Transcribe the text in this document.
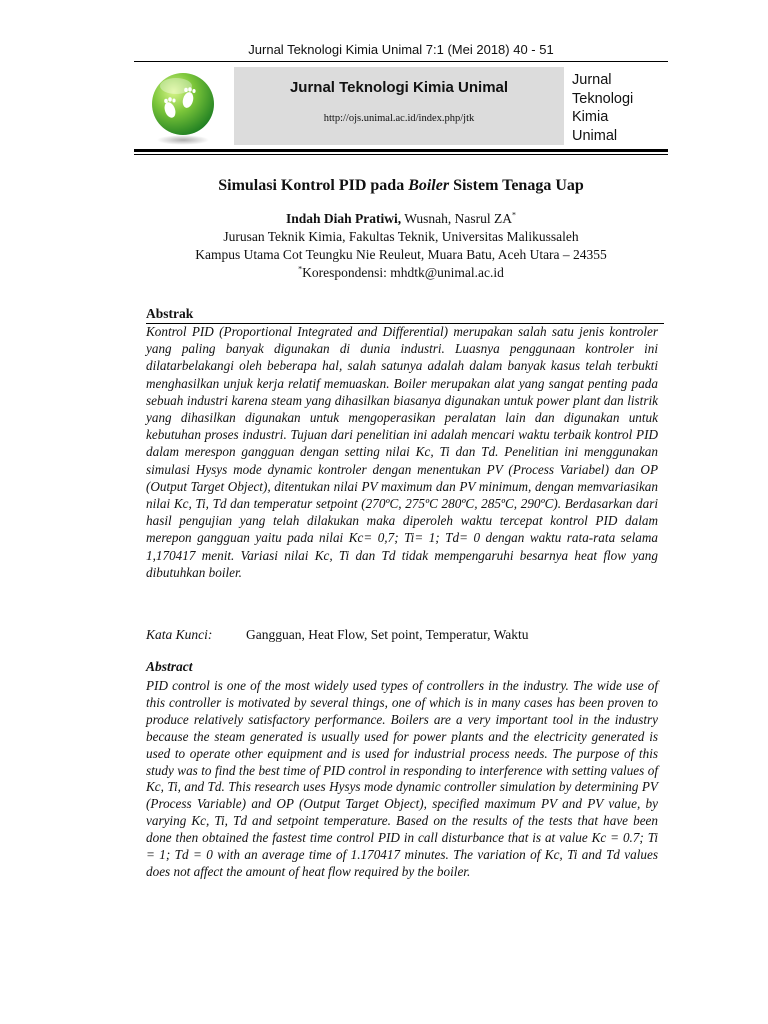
Jurnal Teknologi Kimia Unimal 7:1 (Mei 2018) 40 - 51
Jurnal Teknologi Kimia Unimal
http://ojs.unimal.ac.id/index.php/jtk
Jurnal
Teknologi
Kimia
Unimal
Simulasi Kontrol PID pada Boiler Sistem Tenaga Uap
Indah Diah Pratiwi, Wusnah, Nasrul ZA*
Jurusan Teknik Kimia, Fakultas Teknik, Universitas Malikussaleh
Kampus Utama Cot Teungku Nie Reuleut, Muara Batu, Aceh Utara – 24355
*Korespondensi: mhdtk@unimal.ac.id
Abstrak
Kontrol PID (Proportional Integrated and Differential) merupakan salah satu jenis kontroler yang paling banyak digunakan di dunia industri. Luasnya penggunaan kontroler ini dilatarbelakangi oleh beberapa hal, salah satunya adalah dalam banyak kasus telah terbukti menghasilkan unjuk kerja relatif memuaskan. Boiler merupakan alat yang sangat penting pada sebuah industri karena steam yang dihasilkan biasanya digunakan untuk power plant dan listrik yang dihasilkan digunakan untuk mengoperasikan peralatan lain dan digunakan untuk kebutuhan proses industri. Tujuan dari penelitian ini adalah mencari waktu terbaik kontrol PID dalam merespon gangguan dengan setting nilai Kc, Ti dan Td. Penelitian ini menggunakan simulasi Hysys mode dynamic kontroler dengan menentukan PV (Process Variabel) dan OP (Output Target Object), ditentukan nilai PV maximum dan PV minimum, dengan memvariasikan nilai Kc, Ti, Td dan temperatur setpoint (270ºC, 275ºC 280ºC, 285ºC, 290ºC). Berdasarkan dari hasil pengujian yang telah dilakukan maka diperoleh waktu tercepat kontrol PID dalam merepon gangguan yaitu pada nilai Kc= 0,7; Ti= 1; Td= 0 dengan waktu rata-rata selama 1,170417 menit. Variasi nilai Kc, Ti dan Td tidak mempengaruhi besarnya heat flow yang dibutuhkan boiler.
Kata Kunci: Gangguan, Heat Flow, Set point, Temperatur, Waktu
Abstract
PID control is one of the most widely used types of controllers in the industry. The wide use of this controller is motivated by several things, one of which is in many cases has been proven to produce relatively satisfactory performance. Boilers are a very important tool in the industry because the steam generated is usually used for power plants and the electricity generated is used to operate other equipment and is used for industrial process needs. The purpose of this study was to find the best time of PID control in responding to interference with setting values of Kc, Ti, and Td. This research uses Hysys mode dynamic controller simulation by determining PV (Process Variable) and OP (Output Target Object), specified maximum PV and PV value, by varying Kc, Ti, Td and setpoint temperature. Based on the results of the tests that have been done then obtained the fastest time control PID in call disturbance that is at value Kc = 0.7; Ti = 1; Td = 0 with an average time of 1.170417 minutes. The variation of Kc, Ti and Td values does not affect the amount of heat flow required by the boiler.
